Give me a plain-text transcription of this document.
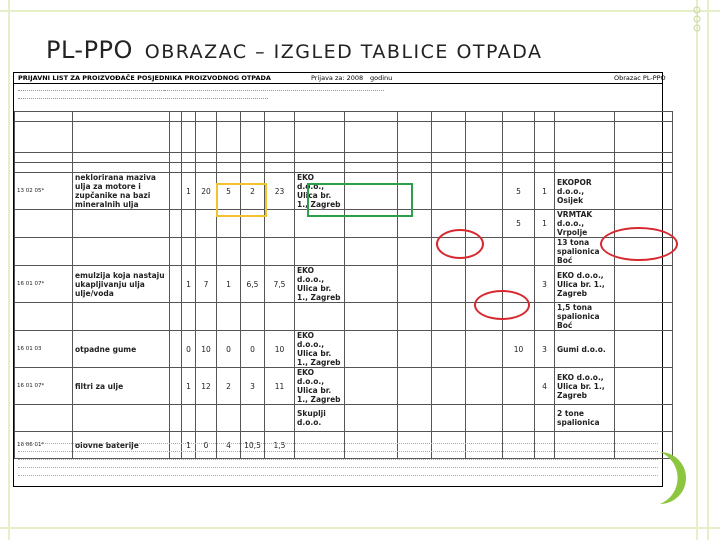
PL-PPO OBRAZAC – IZGLED TABLICE OTPADA
PRIJAVNI LIST ZA PROIZVOĐAČE POSJEDNIKA PROIZVODNOG OTPADA	Prijava za: 2008 godinu	Obrazac PL-PPO

13 02 05*	neklorirana maziva ulja za motore i zupčanike na bazi mineralnih ulja		1	20	5	2	23	EKO d.o.o., Ulica br. 1., Zagreb					5	1	EKOPOR d.o.o., Osijek	
													5	1	VRMTAK d.o.o., Vrpolje	
															13 tona spalionica Boć	
16 01 07*	emulzija koja nastaju ukapljivanju ulja ulje/voda		1	7	1	6,5	7,5	EKO d.o.o., Ulica br. 1., Zagreb						3	EKO d.o.o., Ulica br. 1., Zagreb	
															1,5 tona spalionica Boć	
16 01 03	otpadne gume		0	10	0	0	10	EKO d.o.o., Ulica br. 1., Zagreb					10	3	Gumi d.o.o.	
16 01 07*	filtri za ulje		1	12	2	3	11	EKO d.o.o., Ulica br. 1., Zagreb						4	EKO d.o.o., Ulica br. 1., Zagreb	
								Skuplji d.o.o.							2 tone spalionica	
16 06 01*	olovne baterije		1	0	4	10,5	1,5									
